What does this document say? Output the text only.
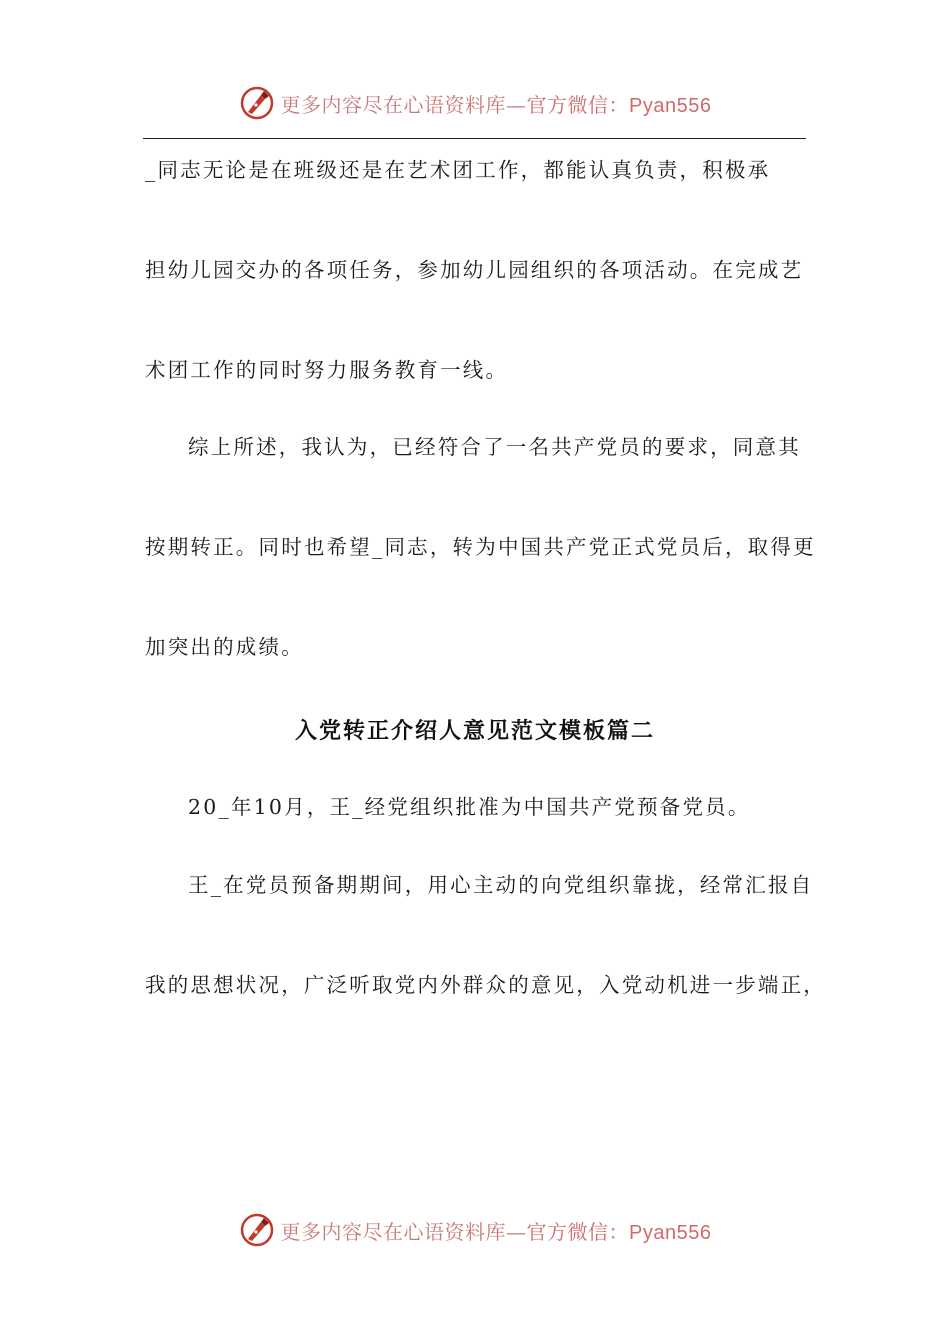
更多内容尽在心语资料库—官方微信：Pyan556
_同志无论是在班级还是在艺术团工作，都能认真负责，积极承
担幼儿园交办的各项任务，参加幼儿园组织的各项活动。在完成艺
术团工作的同时努力服务教育一线。
综上所述，我认为，已经符合了一名共产党员的要求，同意其
按期转正。同时也希望_同志，转为中国共产党正式党员后，取得更
加突出的成绩。
入党转正介绍人意见范文模板篇二
20_年10月，王_经党组织批准为中国共产党预备党员。
王_在党员预备期期间，用心主动的向党组织靠拢，经常汇报自
我的思想状况，广泛听取党内外群众的意见，入党动机进一步端正，
更多内容尽在心语资料库—官方微信：Pyan556
